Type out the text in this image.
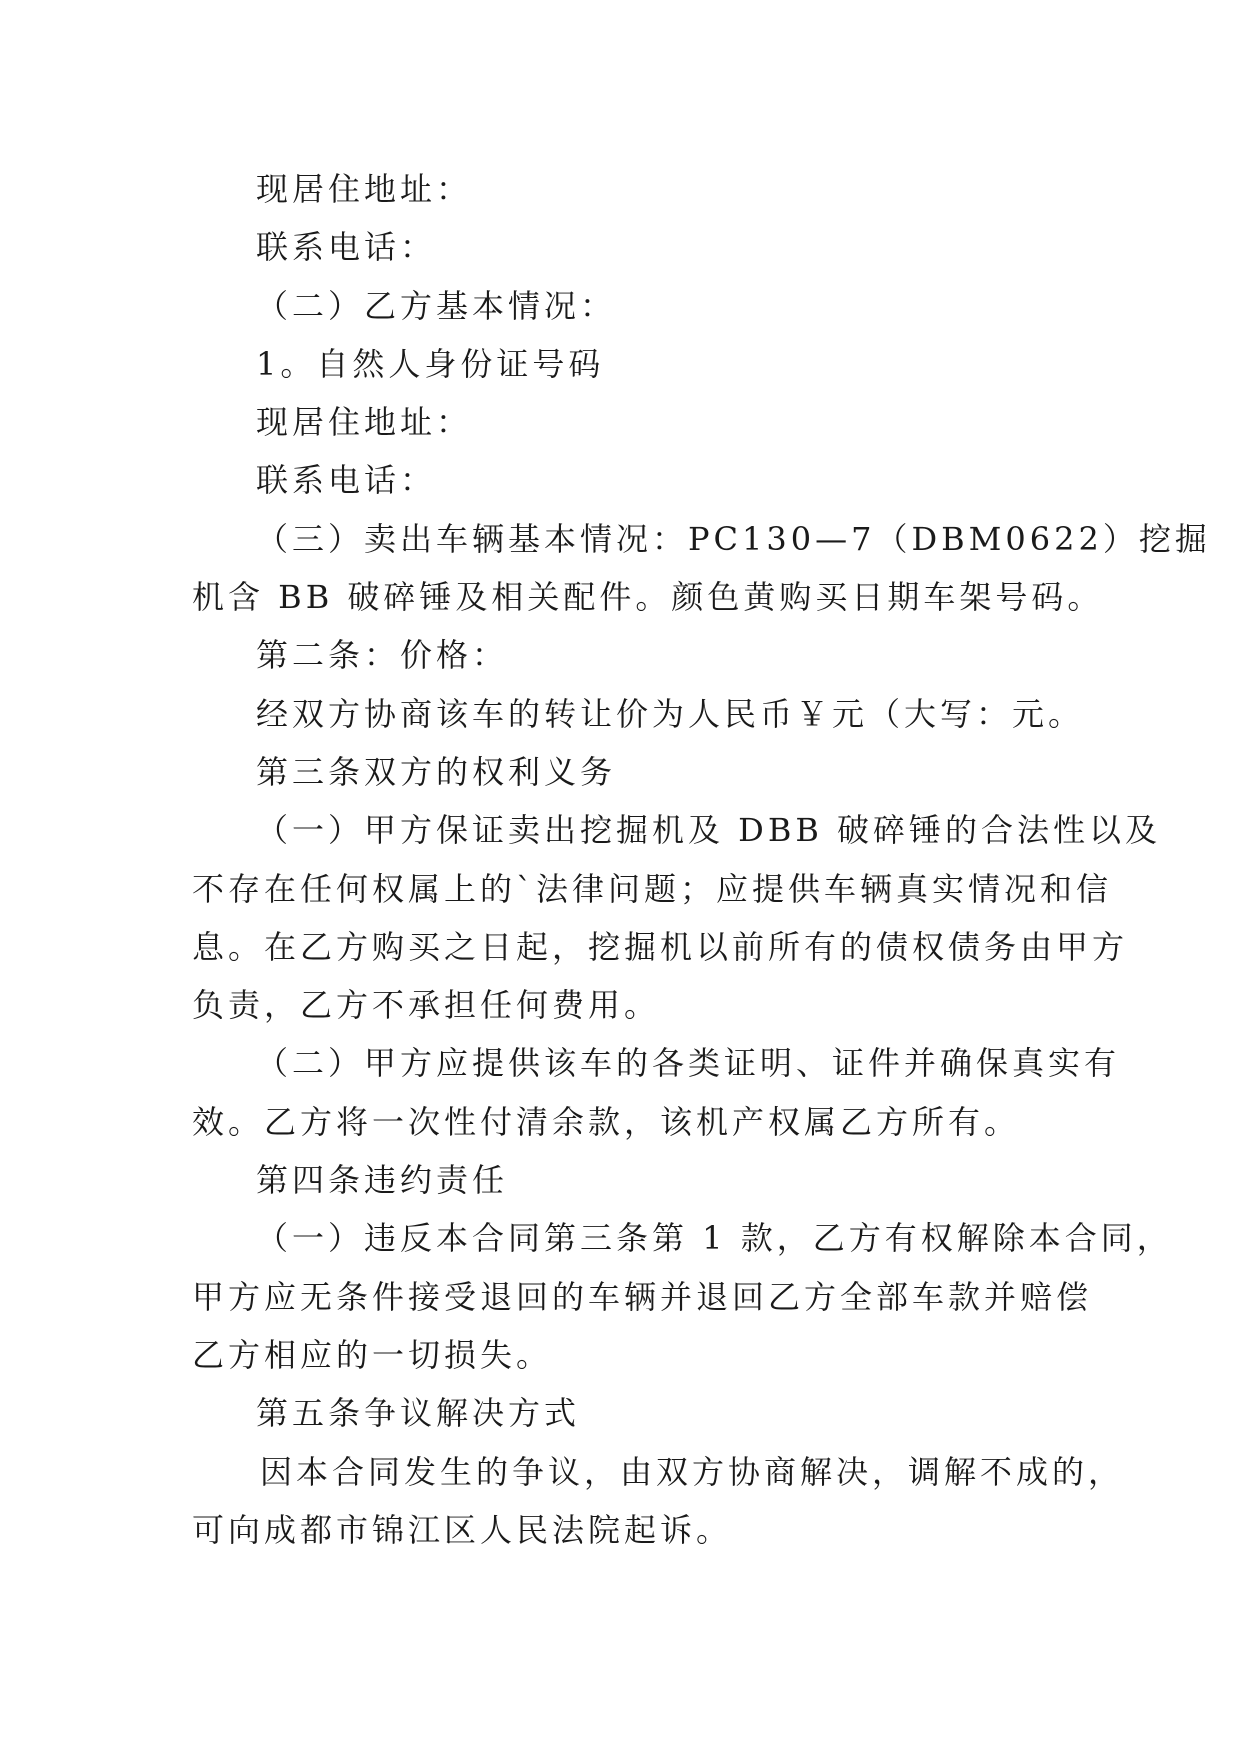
现居住地址：
联系电话：
（二）乙方基本情况：
1。自然人身份证号码
现居住地址：
联系电话：
（三）卖出车辆基本情况：PC130—7（DBM0622）挖掘
机含 BB 破碎锤及相关配件。颜色黄购买日期车架号码。
第二条：价格：
经双方协商该车的转让价为人民币￥元（大写：元。
第三条双方的权利义务
（一）甲方保证卖出挖掘机及 DBB 破碎锤的合法性以及
不存在任何权属上的`法律问题；应提供车辆真实情况和信
息。在乙方购买之日起，挖掘机以前所有的债权债务由甲方
负责，乙方不承担任何费用。
（二）甲方应提供该车的各类证明、证件并确保真实有
效。乙方将一次性付清余款，该机产权属乙方所有。
第四条违约责任
（一）违反本合同第三条第 1 款，乙方有权解除本合同，
甲方应无条件接受退回的车辆并退回乙方全部车款并赔偿
乙方相应的一切损失。
第五条争议解决方式
因本合同发生的争议，由双方协商解决，调解不成的，
可向成都市锦江区人民法院起诉。
